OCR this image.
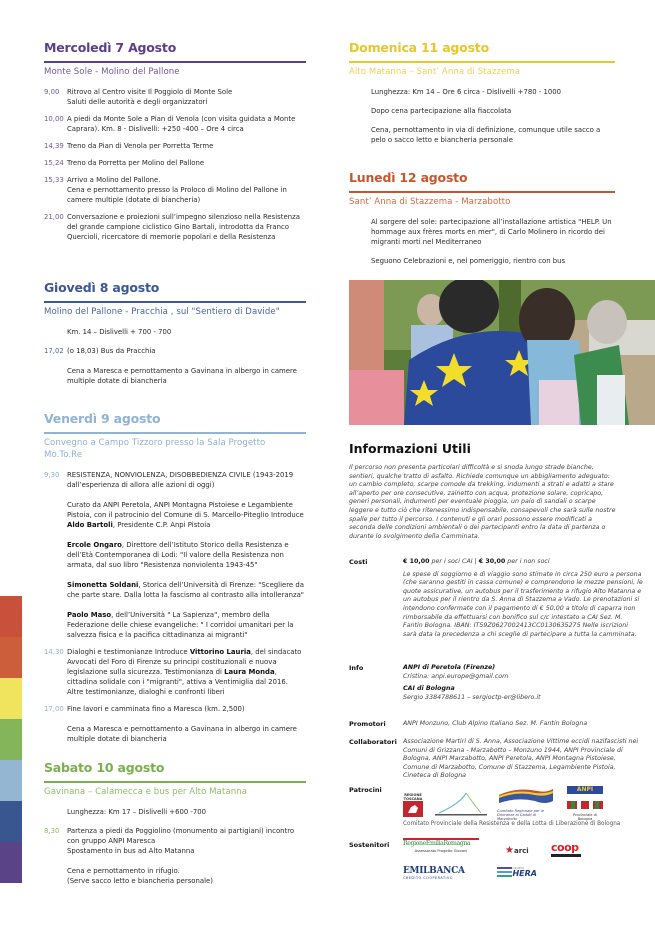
Mercoledì 7 Agosto
Monte Sole - Molino del Pallone
9,00	Ritrovo al Centro visite Il Poggiolo di Monte Sole
Saluti delle autorità e degli organizzatori
10,00 A piedi da Monte Sole a Pian di Venola (con visita guidata a Monte Caprara). Km. 8 - Dislivelli: +250 -400 – Ore 4 circa
14,39 Treno da Pian di Venola per Porretta Terme
15,24 Treno da Porretta per Molino del Pallone
15,33 Arrivo a Molino del Pallone.
Cena e pernottamento presso la Proloco di Molino del Pallone in camere multiple (dotate di biancheria)
21,00 Conversazione e proiezioni sull’impegno silenzioso nella Resistenza del grande campione ciclistico Gino Bartali, introdotta da Franco Quercioli, ricercatore di memorie popolari e della Resistenza
Giovedì 8 agosto
Molino del Pallone - Pracchia , sul "Sentiero di Davide"
Km. 14 – Dislivelli + 700 - 700
17,02 (o 18,03) Bus da Pracchia
Cena a Maresca e pernottamento a Gavinana in albergo in camere multiple dotate di biancheria
Venerdì 9 agosto
Convegno a Campo Tizzoro presso la Sala Progetto Mo.To.Re
9,30	RESISTENZA, NONVIOLENZA, DISOBBEDIENZA CIVILE (1943-2019 dall’esperienza di allora alle azioni di oggi)

Curato da ANPI Peretola, ANPI Montagna Pistoiese e Legambiente Pistoia, con il patrocinio del Comune di S. Marcello-Piteglio Introduce Aldo Bartoli, Presidente C.P. Anpi Pistoia

Ercole Ongaro, Direttore dell’Istituto Storico della Resistenza e dell’Età Contemporanea di Lodi: "Il valore della Resistenza non armata, dal suo libro "Resistenza nonviolenta 1943-45"

Simonetta Soldani, Storica dell’Università di Firenze: "Scegliere da che parte stare. Dalla lotta la fascismo al contrasto alla intolleranza"

Paolo Maso, dell’Università " La Sapienza", membro della Federazione delle chiese evangeliche: " I corridoi umanitari per la salvezza fisica e la pacifica cittadinanza ai migranti"

14,30 Dialoghi e testimonianze Introduce Vittorino Lauria, del sindacato Avvocati del Foro di Firenze su principi costituzionali e nuova legislazione sulla sicurezza. Testimonianza di Laura Monda, cittadina solidale con i "migranti", attiva a Ventimiglia dal 2016. Altre testimonianze, dialoghi e confronti liberi

17,00 Fine lavori e camminata fino a Maresca (km. 2,500)

Cena a Maresca e pernottamento a Gavinana in albergo in camere multiple dotate di biancheria

Sabato 10 agosto
Gavinana – Calamecca e bus per Alto Matanna
Lunghezza: Km 17 – Dislivelli +600 -700
8,30	Partenza a piedi da Poggiolino (monumento ai partigiani) incontro con gruppo ANPI Maresca
Spostamento in bus ad Alto Matanna
Cena e pernottamento in rifugio.
(Serve sacco letto e biancheria personale)
Domenica 11 agosto
Alto Matanna – Sant’ Anna di Stazzema
Lunghezza: Km 14 – Ore 6 circa - Dislivelli +780 - 1000
Dopo cena partecipazione alla fiaccolata
Cena, pernottamento in via di definizione, comunque utile sacco a pelo o sacco letto e biancheria personale
Lunedì 12 agosto
Sant’ Anna di Stazzema - Marzabotto
Al sorgere del sole: partecipazione all’installazione artistica "HELP. Un hommage aux frères morts en mer", di Carlo Molinero in ricordo dei migranti morti nel Mediterraneo
Seguono Celebrazioni e, nel pomeriggio, rientro con bus
Informazioni Utili

Il percorso non presenta particolari difficoltà e si snoda lungo strade bianche, sentieri, qualche tratto di asfalto. Richiede comunque un abbigliamento adeguato: un cambio completo, scarpe comode da trekking, indumenti a strati e adatti a stare all’aperto per ore consecutive, zainetto con acqua, protezione solare, copricapo, generi personali, indumenti per eventuale pioggia, un paio di sandali o scarpe leggere e tutto ciò che ritenessimo indispensabile, consapevoli che sarà sulle nostre spalle per tutto il percorso. I contenuti e gli orari possono essere modificati a seconda delle condizioni ambientali o dei partecipanti entro la data di partenza o durante lo svolgimento della Camminata.

Costi	€ 10,00 per i soci CAI | € 30,00 per i non soci

Le spese di soggiorno e di viaggio sono stimate in circa 250 euro a persona (che saranno gestiti in cassa comune) e comprendono le mezze pensioni, le quote assicurative, un autobus per il trasferimento a rifugio Alto Matanna e un autobus per il rientro da S. Anna di Stazzema a Vado. Le prenotazioni si intendono confermate con il pagamento di € 50,00 a titolo di caparra non rimborsabile da effettuarsi con bonifico sul c/c intestato a CAI Sez. M. Fantin Bologna. IBAN: IT59Z0627002413CC0130635275 Nelle iscrizioni sarà data la precedenza a chi sceglie di partecipare a tutta la camminata.

Info	ANPI di Peretola (Firenze)
Cristina: anpi.europe@gmail.com
CAI di Bologna
Sergio 3384788611 – sergioctp-er@libero.it
Promotori	ANPI Monzuno, Club Alpino Italiano Sez. M. Fantin Bologna
Collaboratori Associazione Martiri di S. Anna, Associazione Vittime eccidi nazifascisti nei Comuni di Grizzana - Marzabotto – Monzuno 1944, ANPI Provinciale di Bologna, ANPI Marzabotto, ANPI Peretola, ANPI Montagna Pistoiese, Comune di Marzabotto, Comune di Stazzema, Legambiente Pistoia, Cineteca di Bologna
Patrocini
REGIONE TOSCANA
Comitato Regionale per le Onoranze ai Caduti di Marzabotto
ANPI
Provinciale di Bologna
Comitato Provinciale della Resistenza e della Lotta di Liberazione di Bologna
Sostenitori RegioneEmiliaRomagna
Assessorato Progetto Giovani	★arci coop
EMILBANCA
CREDITO COOPERATIVO
GRUPPO
HERA
